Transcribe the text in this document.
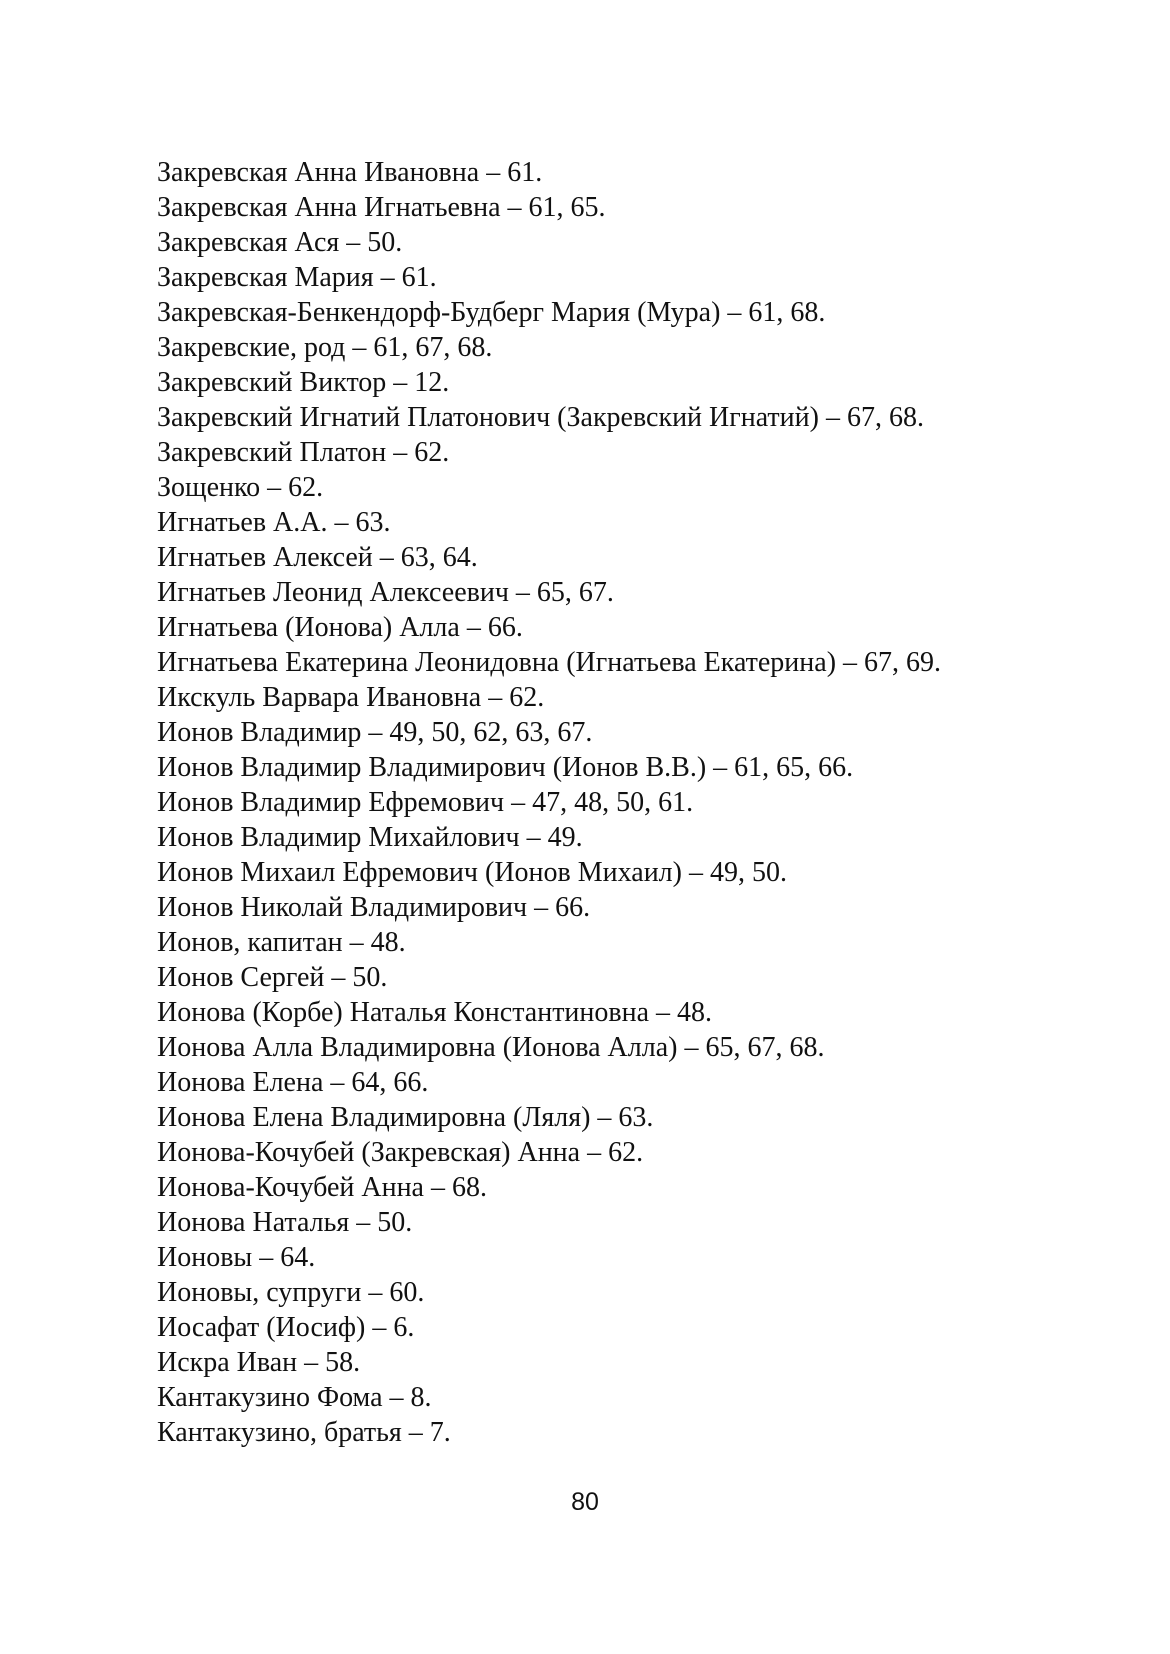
Закревская Анна Ивановна – 61.
Закревская Анна Игнатьевна – 61, 65.
Закревская Ася – 50.
Закревская Мария – 61.
Закревская-Бенкендорф-Будберг Мария (Мура) – 61, 68.
Закревские, род – 61, 67, 68.
Закревский Виктор – 12.
Закревский Игнатий Платонович (Закревский Игнатий) – 67, 68.
Закревский Платон – 62.
Зощенко – 62.
Игнатьев А.А. – 63.
Игнатьев Алексей – 63, 64.
Игнатьев Леонид Алексеевич – 65, 67.
Игнатьева (Ионова) Алла – 66.
Игнатьева Екатерина Леонидовна (Игнатьева Екатерина) – 67, 69.
Икскуль Варвара Ивановна – 62.
Ионов Владимир – 49, 50, 62, 63, 67.
Ионов Владимир Владимирович (Ионов В.В.) – 61, 65, 66.
Ионов Владимир Ефремович – 47, 48, 50, 61.
Ионов Владимир Михайлович – 49.
Ионов Михаил Ефремович (Ионов Михаил) – 49, 50.
Ионов Николай Владимирович – 66.
Ионов, капитан – 48.
Ионов Сергей – 50.
Ионова (Корбе) Наталья Константиновна – 48.
Ионова Алла Владимировна (Ионова Алла) – 65, 67, 68.
Ионова Елена – 64, 66.
Ионова Елена Владимировна (Ляля) – 63.
Ионова-Кочубей (Закревская) Анна – 62.
Ионова-Кочубей Анна – 68.
Ионова Наталья – 50.
Ионовы – 64.
Ионовы, супруги – 60.
Иосафат (Иосиф) – 6.
Искра Иван – 58.
Кантакузино Фома – 8.
Кантакузино, братья – 7.
80
